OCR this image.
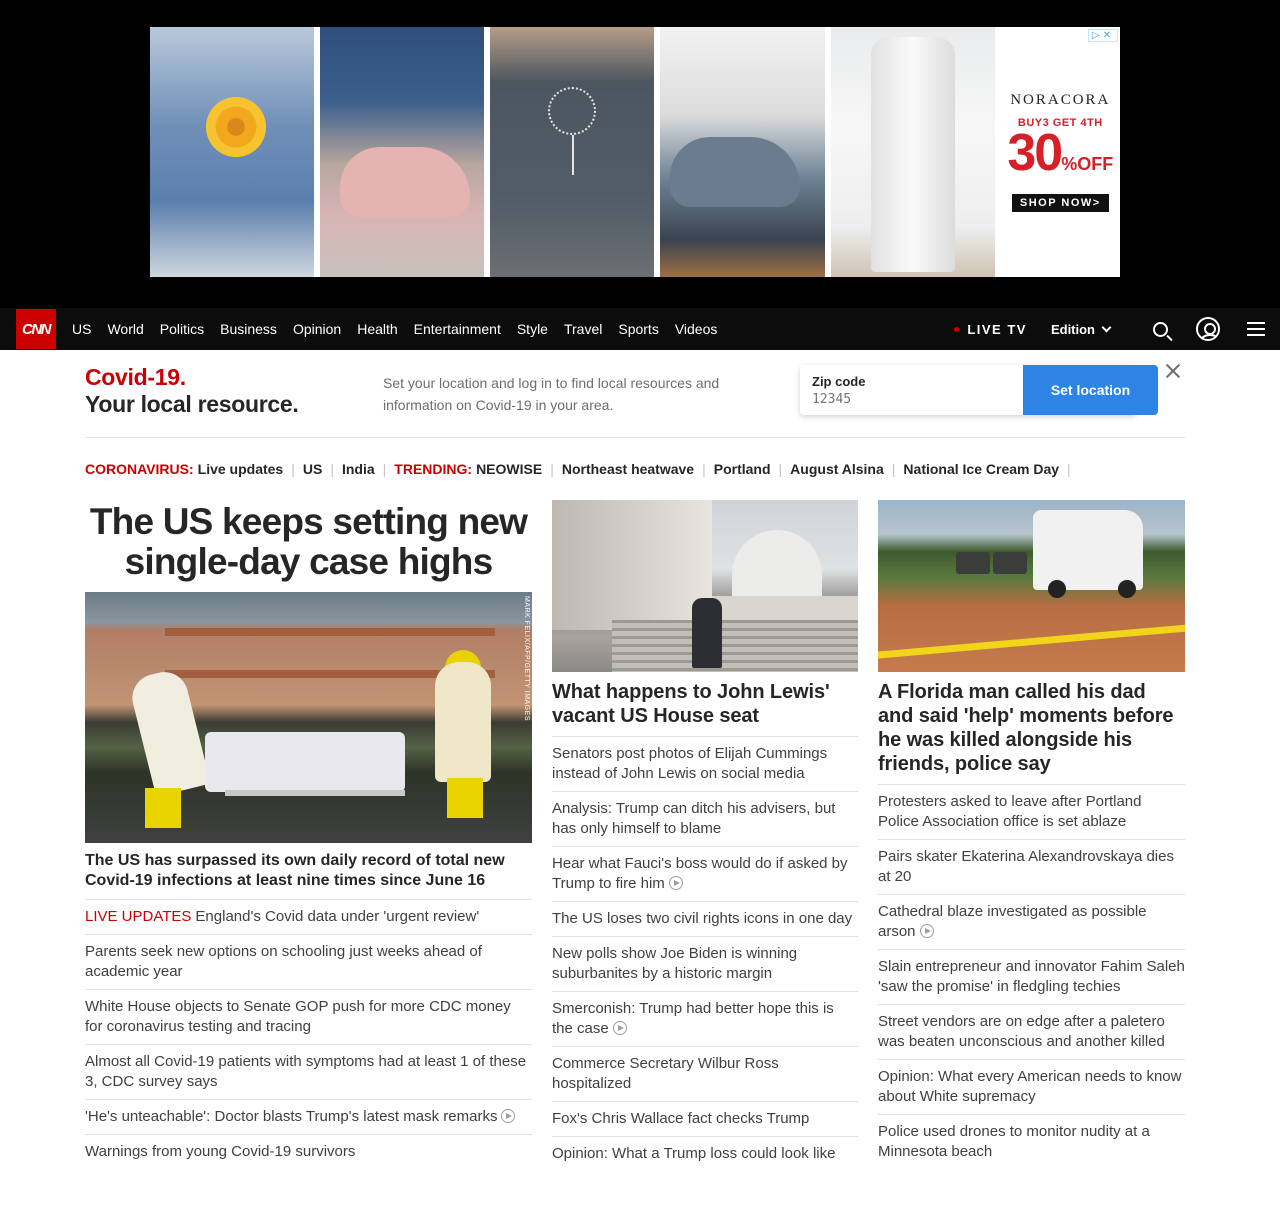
▷✕
NORACORA
BUY3 GET 4TH
30%OFF
SHOP NOW>
CNN	US World Politics Business Opinion Health Entertainment Style Travel Sports Videos	LIVE TV Edition
Covid-19.
Your local resource.
Set your location and log in to find local resources and information on Covid-19 in your area.
Zip code
12345
Set location
CORONAVIRUS: Live updates | US | India | TRENDING: NEOWISE | Northeast heatwave | Portland | August Alsina | National Ice Cream Day |
The US keeps setting new single-day case highs
MARK FELIX/AFP/GETTY IMAGES
The US has surpassed its own daily record of total new Covid-19 infections at least nine times since June 16
LIVE UPDATES England's Covid data under 'urgent review'
Parents seek new options on schooling just weeks ahead of academic year
White House objects to Senate GOP push for more CDC money for coronavirus testing and tracing
Almost all Covid-19 patients with symptoms had at least 1 of these 3, CDC survey says
'He's unteachable': Doctor blasts Trump's latest mask remarks
Warnings from young Covid-19 survivors
What happens to John Lewis' vacant US House seat
Senators post photos of Elijah Cummings instead of John Lewis on social media
Analysis: Trump can ditch his advisers, but has only himself to blame
Hear what Fauci's boss would do if asked by Trump to fire him
The US loses two civil rights icons in one day
New polls show Joe Biden is winning suburbanites by a historic margin
Smerconish: Trump had better hope this is the case
Commerce Secretary Wilbur Ross hospitalized
Fox's Chris Wallace fact checks Trump
Opinion: What a Trump loss could look like
A Florida man called his dad and said 'help' moments before he was killed alongside his friends, police say
Protesters asked to leave after Portland Police Association office is set ablaze
Pairs skater Ekaterina Alexandrovskaya dies at 20
Cathedral blaze investigated as possible arson
Slain entrepreneur and innovator Fahim Saleh 'saw the promise' in fledgling techies
Street vendors are on edge after a paletero was beaten unconscious and another killed
Opinion: What every American needs to know about White supremacy
Police used drones to monitor nudity at a Minnesota beach
